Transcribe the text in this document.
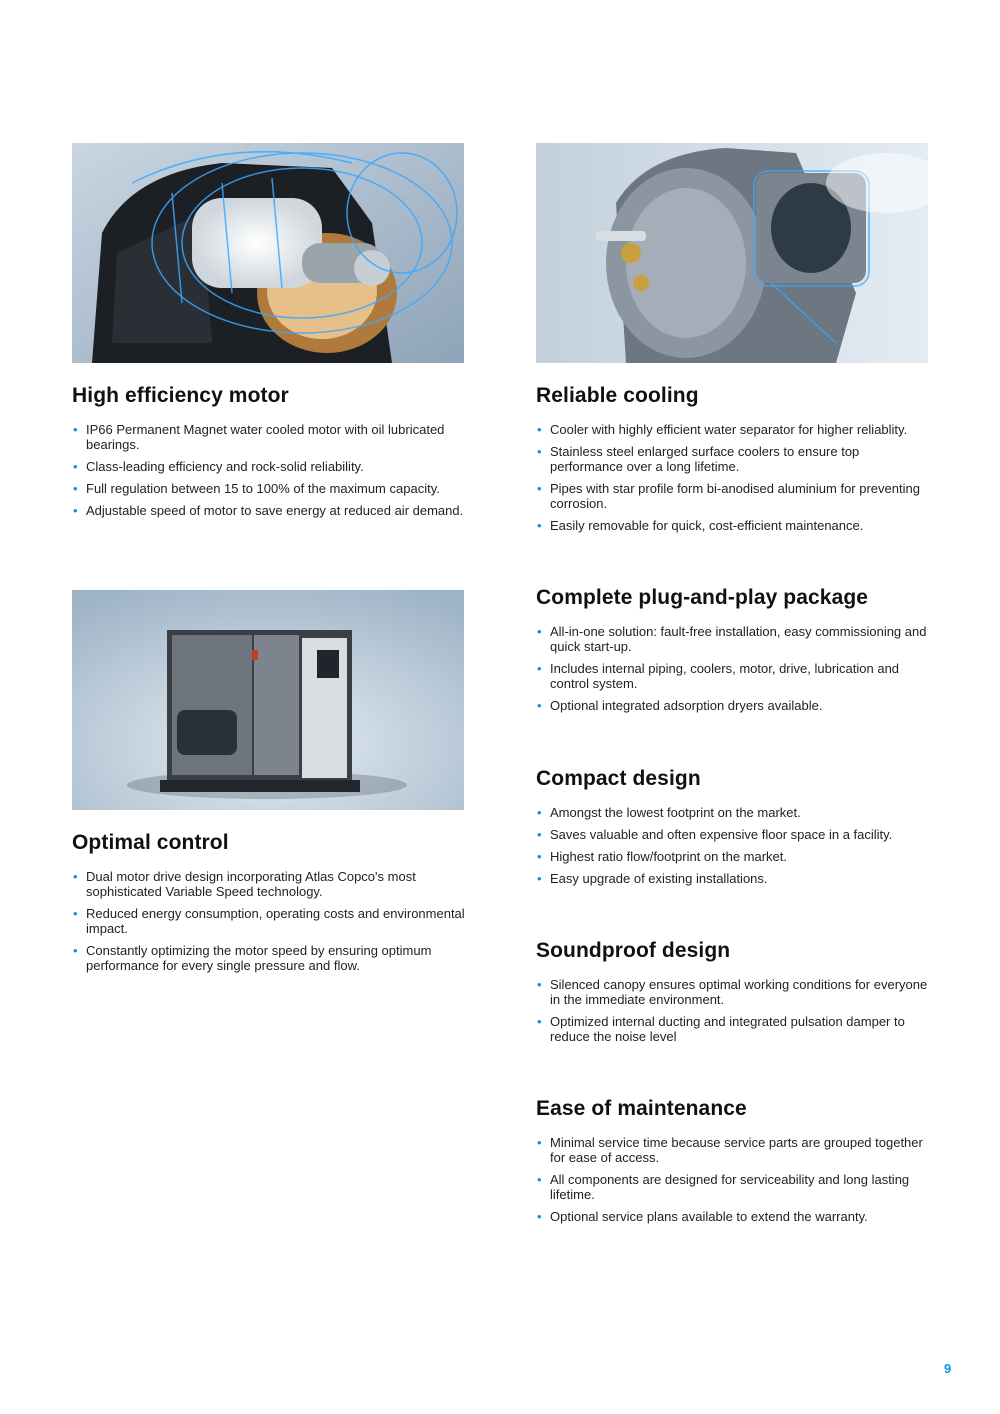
High efficiency motor
• IP66 Permanent Magnet water cooled motor with oil lubricated bearings.
• Class-leading efficiency and rock-solid reliability.
• Full regulation between 15 to 100% of the maximum capacity.
• Adjustable speed of motor to save energy at reduced air demand.
Reliable cooling
• Cooler with highly efficient water separator for higher reliablity.
• Stainless steel enlarged surface coolers to ensure top performance over a long lifetime.
• Pipes with star profile form bi-anodised aluminium for preventing corrosion.
• Easily removable for quick, cost-efficient maintenance.
Complete plug-and-play package
• All-in-one solution: fault-free installation, easy commissioning and quick start-up.
• Includes internal piping, coolers, motor, drive, lubrication and control system.
• Optional integrated adsorption dryers available.
Compact design
• Amongst the lowest footprint on the market.
• Saves valuable and often expensive floor space in a facility.
• Highest ratio flow/footprint on the market.
• Easy upgrade of existing installations.
Optimal control
• Dual motor drive design incorporating Atlas Copco's most sophisticated Variable Speed technology.
• Reduced energy consumption, operating costs and environmental impact.
• Constantly optimizing the motor speed by ensuring optimum performance for every single pressure and flow.
Soundproof design
• Silenced canopy ensures optimal working conditions for everyone in the immediate environment.
• Optimized internal ducting and integrated pulsation damper to reduce the noise level
Ease of maintenance
• Minimal service time because service parts are grouped together for ease of access.
• All components are designed for serviceability and long lasting lifetime.
• Optional service plans available to extend the warranty.
9
